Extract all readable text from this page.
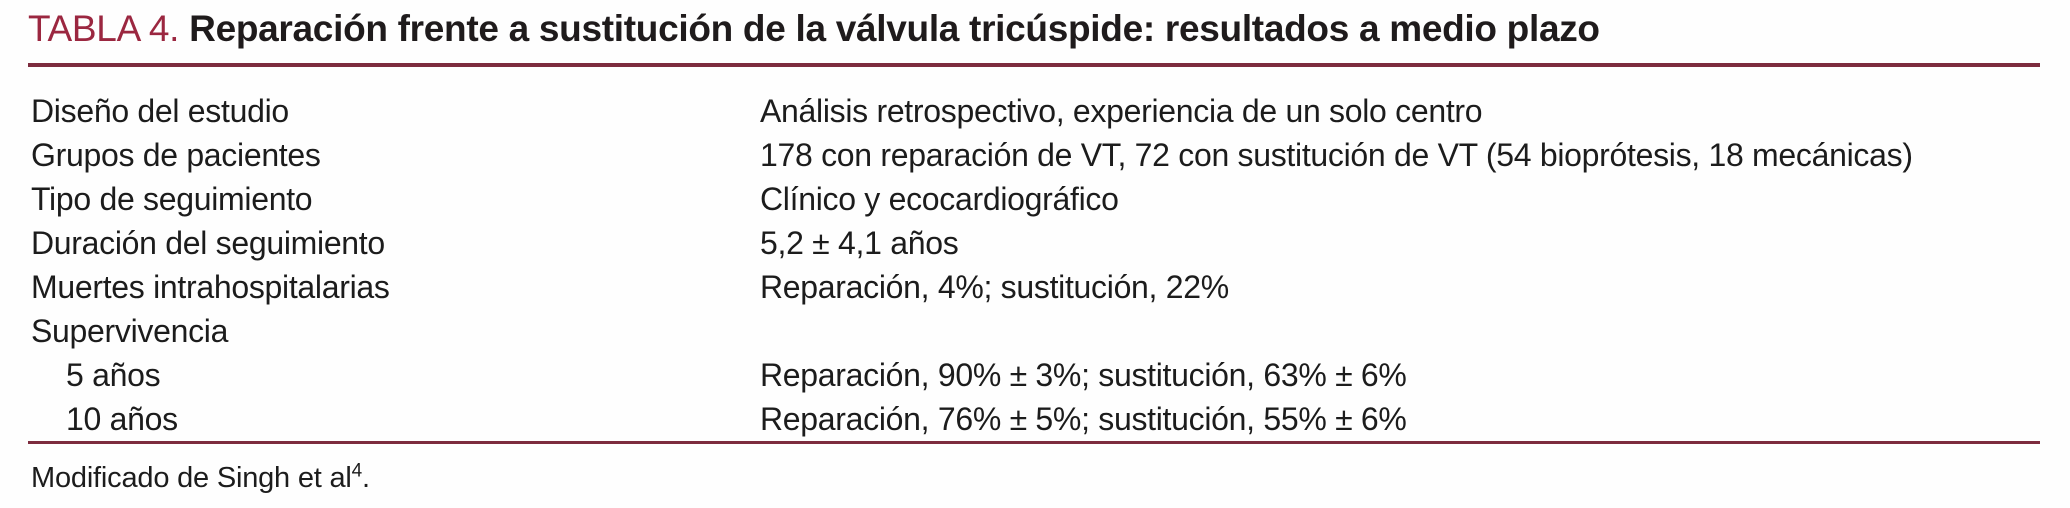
TABLA 4. Reparación frente a sustitución de la válvula tricúspide: resultados a medio plazo
Diseño del estudio	Análisis retrospectivo, experiencia de un solo centro
Grupos de pacientes	178 con reparación de VT, 72 con sustitución de VT (54 bioprótesis, 18 mecánicas)
Tipo de seguimiento	Clínico y ecocardiográfico
Duración del seguimiento	5,2 ± 4,1 años
Muertes intrahospitalarias	Reparación, 4%; sustitución, 22%
Supervivencia
5 años	Reparación, 90% ± 3%; sustitución, 63% ± 6%
10 años	Reparación, 76% ± 5%; sustitución, 55% ± 6%
Modificado de Singh et $al^4$.
